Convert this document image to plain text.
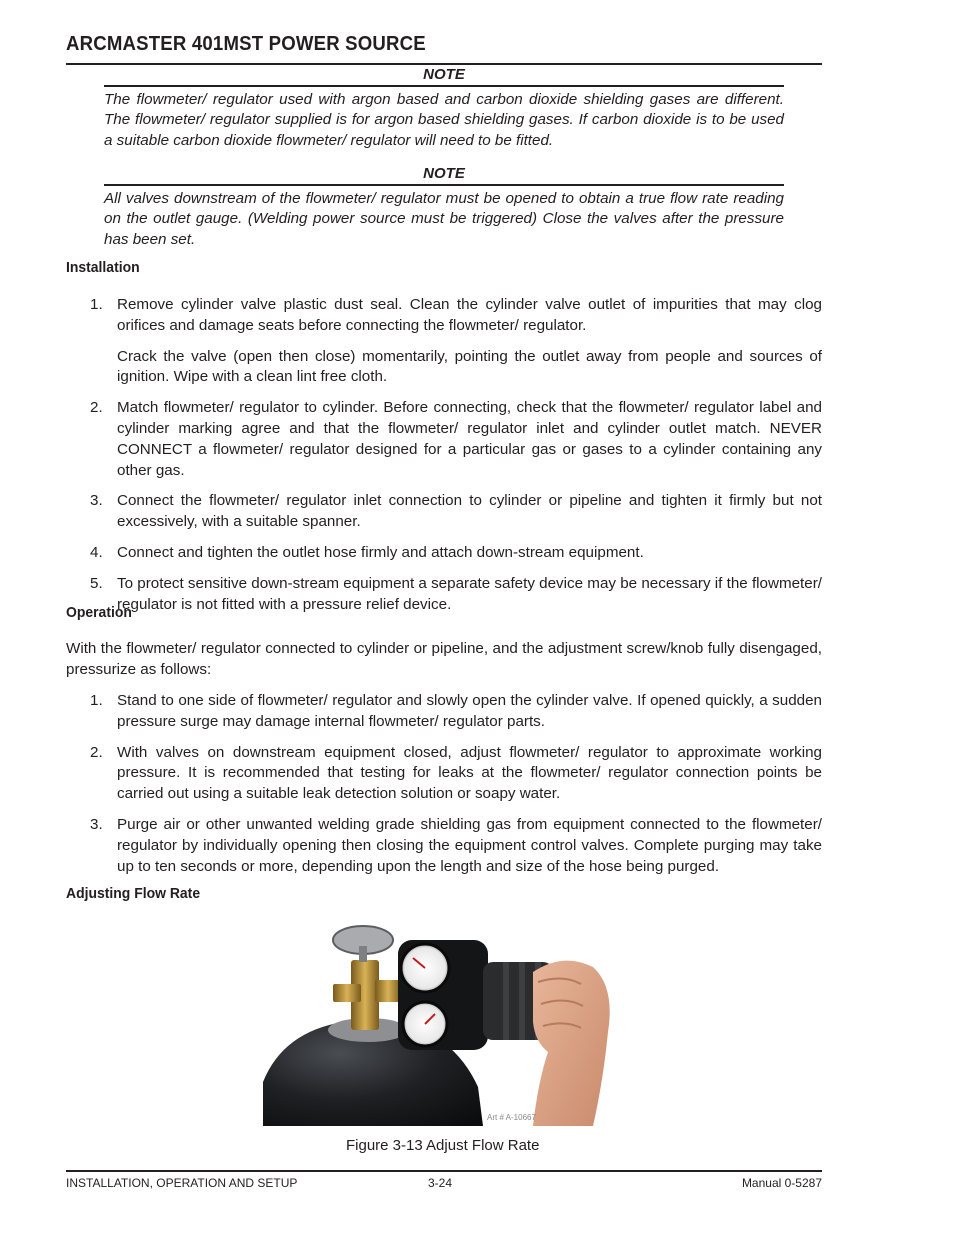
ARCMASTER 401MST POWER SOURCE
NOTE

The flowmeter/ regulator used with argon based and carbon dioxide shielding gases are different. The flowmeter/ regulator supplied is for argon based shielding gases. If carbon dioxide is to be used a suitable carbon dioxide flowmeter/ regulator will need to be fitted.

NOTE

All valves downstream of the flowmeter/ regulator must be opened to obtain a true flow rate reading on the outlet gauge. (Welding power source must be triggered) Close the valves after the pressure has been set.

Installation
1. Remove cylinder valve plastic dust seal. Clean the cylinder valve outlet of impurities that may clog orifices and damage seats before connecting the flowmeter/ regulator.

Crack the valve (open then close) momentarily, pointing the outlet away from people and sources of ignition. Wipe with a clean lint free cloth.

2. Match flowmeter/ regulator to cylinder. Before connecting, check that the flowmeter/ regulator label and cylinder marking agree and that the flowmeter/ regulator inlet and cylinder outlet match. NEVER CONNECT a flowmeter/ regulator designed for a particular gas or gases to a cylinder containing any other gas.

3. Connect the flowmeter/ regulator inlet connection to cylinder or pipeline and tighten it firmly but not excessively, with a suitable spanner.

4. Connect and tighten the outlet hose firmly and attach down-stream equipment.

5. To protect sensitive down-stream equipment a separate safety device may be necessary if the flowmeter/ regulator is not fitted with a pressure relief device.

Operation

With the flowmeter/ regulator connected to cylinder or pipeline, and the adjustment screw/knob fully disengaged, pressurize as follows:

1. Stand to one side of flowmeter/ regulator and slowly open the cylinder valve. If opened quickly, a sudden pressure surge may damage internal flowmeter/ regulator parts.

2. With valves on downstream equipment closed, adjust flowmeter/ regulator to approximate working pressure. It is recommended that testing for leaks at the flowmeter/ regulator connection points be carried out using a suitable leak detection solution or soapy water.

3. Purge air or other unwanted welding grade shielding gas from equipment connected to the flowmeter/ regulator by individually opening then closing the equipment control valves. Complete purging may take up to ten seconds or more, depending upon the length and size of the hose being purged.

Adjusting Flow Rate
Art # A-10667
Figure 3-13 Adjust Flow Rate
INSTALLATION, OPERATION AND SETUP	3-24	Manual 0-5287
